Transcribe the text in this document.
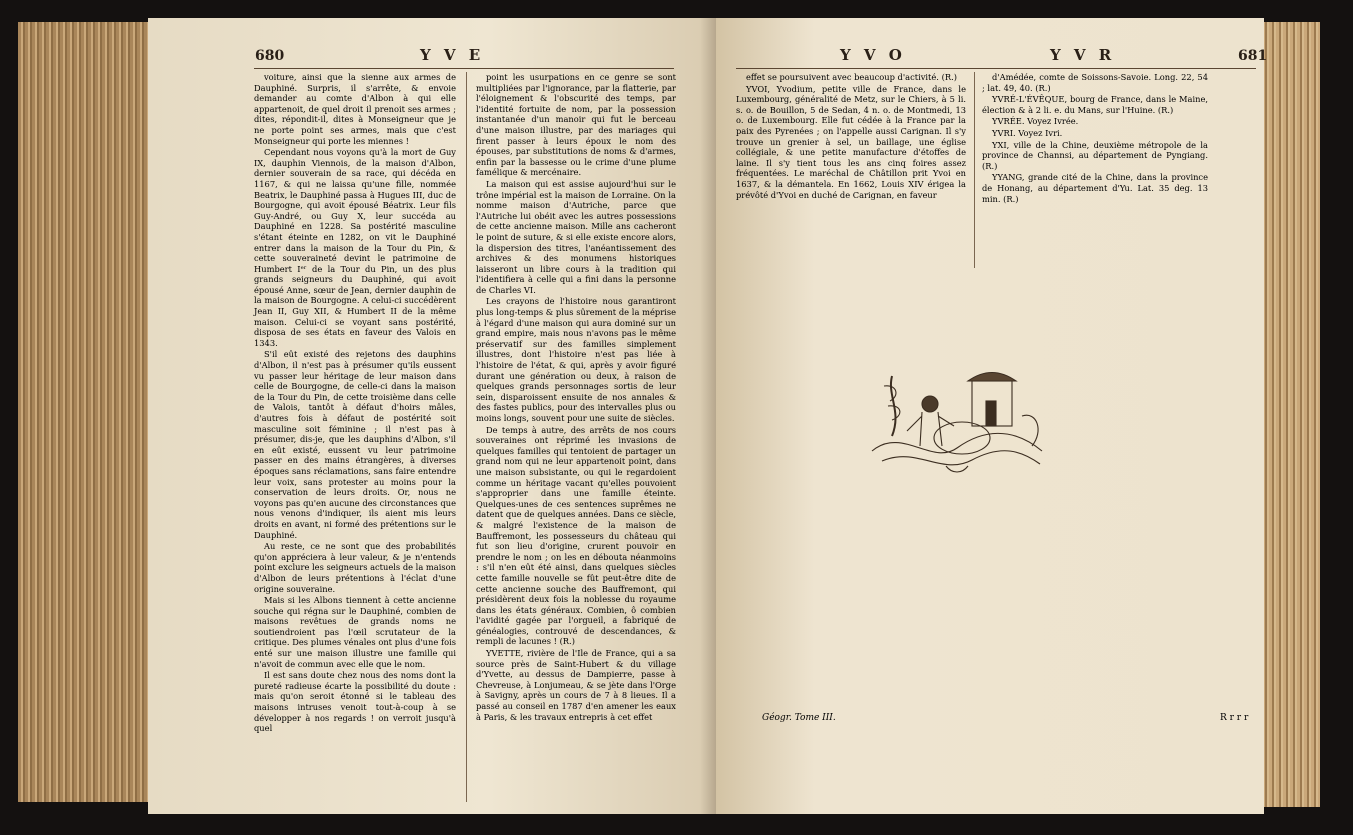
680	Y V E

voiture, ainsi que la sienne aux armes de Dauphiné. Surpris, il s'arrête, & envoie demander au comte d'Albon à qui elle appartenoit, de quel droit il prenoit ses armes ; dites, répondit-il, dites à Monseigneur que je ne porte point ses armes, mais que c'est Monseigneur qui porte les miennes !

Cependant nous voyons qu'à la mort de Guy IX, dauphin Viennois, de la maison d'Albon, dernier souverain de sa race, qui décéda en 1167, & qui ne laissa qu'une fille, nommée Beatrix, le Dauphiné passa à Hugues III, duc de Bourgogne, qui avoit épousé Béatrix. Leur fils Guy-André, ou Guy X, leur succéda au Dauphiné en 1228. Sa postérité masculine s'étant éteinte en 1282, on vit le Dauphiné entrer dans la maison de la Tour du Pin, & cette souveraineté devint le patrimoine de Humbert Iᵉʳ de la Tour du Pin, un des plus grands seigneurs du Dauphiné, qui avoit épousé Anne, sœur de Jean, dernier dauphin de la maison de Bourgogne. A celui-ci succédèrent Jean II, Guy XII, & Humbert II de la même maison. Celui-ci se voyant sans postérité, disposa de ses états en faveur des Valois en 1343.

S'il eût existé des rejetons des dauphins d'Albon, il n'est pas à présumer qu'ils eussent vu passer leur héritage de leur maison dans celle de Bourgogne, de celle-ci dans la maison de la Tour du Pin, de cette troisième dans celle de Valois, tantôt à défaut d'hoirs mâles, d'autres fois à défaut de postérité soit masculine soit féminine ; il n'est pas à présumer, dis-je, que les dauphins d'Albon, s'il en eût existé, eussent vu leur patrimoine passer en des mains étrangères, à diverses époques sans réclamations, sans faire entendre leur voix, sans protester au moins pour la conservation de leurs droits. Or, nous ne voyons pas qu'en aucune des circonstances que nous venons d'indiquer, ils aient mis leurs droits en avant, ni formé des prétentions sur le Dauphiné.

Au reste, ce ne sont que des probabilités qu'on appréciera à leur valeur, & je n'entends point exclure les seigneurs actuels de la maison d'Albon de leurs prétentions à l'éclat d'une origine souveraine.

Mais si les Albons tiennent à cette ancienne souche qui régna sur le Dauphiné, combien de maisons revêtues de grands noms ne soutiendroient pas l'œil scrutateur de la critique. Des plumes vénales ont plus d'une fois enté sur une maison illustre une famille qui n'avoit de commun avec elle que le nom.

Il est sans doute chez nous des noms dont la pureté radieuse écarte la possibilité du doute : mais qu'on seroit étonné si le tableau des maisons intruses venoit tout-à-coup à se développer à nos regards ! on verroit jusqu'à quel

point les usurpations en ce genre se sont multipliées par l'ignorance, par la flatterie, par l'éloignement & l'obscurité des temps, par l'identité fortuite de nom, par la possession instantanée d'un manoir qui fut le berceau d'une maison illustre, par des mariages qui firent passer à leurs époux le nom des épouses, par substitutions de noms & d'armes, enfin par la bassesse ou le crime d'une plume famélique & mercénaire.

La maison qui est assise aujourd'hui sur le trône impérial est la maison de Lorraine. On la nomme maison d'Autriche, parce que l'Autriche lui obéit avec les autres possessions de cette ancienne maison. Mille ans cacheront le point de suture, & si elle existe encore alors, la dispersion des titres, l'anéantissement des archives & des monumens historiques laisseront un libre cours à la tradition qui l'identifiera à celle qui a fini dans la personne de Charles VI.

Les crayons de l'histoire nous garantiront plus long-temps & plus sûrement de la méprise à l'égard d'une maison qui aura dominé sur un grand empire, mais nous n'avons pas le même préservatif sur des familles simplement illustres, dont l'histoire n'est pas liée à l'histoire de l'état, & qui, après y avoir figuré durant une génération ou deux, à raison de quelques grands personnages sortis de leur sein, disparoissent ensuite de nos annales & des fastes publics, pour des intervalles plus ou moins longs, souvent pour une suite de siècles.

De temps à autre, des arrêts de nos cours souveraines ont réprimé les invasions de quelques familles qui tentoient de partager un grand nom qui ne leur appartenoit point, dans une maison subsistante, ou qui le regardoient comme un héritage vacant qu'elles pouvoient s'approprier dans une famille éteinte. Quelques-unes de ces sentences suprêmes ne datent que de quelques années. Dans ce siècle, & malgré l'existence de la maison de Bauffremont, les possesseurs du château qui fut son lieu d'origine, crurent pouvoir en prendre le nom ; on les en débouta néanmoins : s'il n'en eût été ainsi, dans quelques siècles cette famille nouvelle se fût peut-être dite de cette ancienne souche des Bauffremont, qui présidèrent deux fois la noblesse du royaume dans les états généraux. Combien, ô combien l'avidité gagée par l'orgueil, a fabriqué de généalogies, controuvé de descendances, & rempli de lacunes ! (R.)

YVETTE, rivière de l'Ile de France, qui a sa source près de Saint-Hubert & du village d'Yvette, au dessus de Dampierre, passe à Chevreuse, à Lonjumeau, & se jète dans l'Orge à Savigny, après un cours de 7 à 8 lieues. Il a passé au conseil en 1787 d'en amener les eaux à Paris, & les travaux entrepris à cet effet

Y V O	Y V R	681

effet se poursuivent avec beaucoup d'activité. (R.)

YVOI, Yvodium, petite ville de France, dans le Luxembourg, généralité de Metz, sur le Chiers, à 5 li. s. o. de Bouillon, 5 de Sedan, 4 n. o. de Montmedi, 13 o. de Luxembourg. Elle fut cédée à la France par la paix des Pyrenées ; on l'appelle aussi Carignan. Il s'y trouve un grenier à sel, un baillage, une église collégiale, & une petite manufacture d'étoffes de laine. Il s'y tient tous les ans cinq foires assez fréquentées. Le maréchal de Châtillon prit Yvoi en 1637, & la démantela. En 1662, Louis XIV érigea la prévôté d'Yvoi en duché de Carignan, en faveur

d'Amédée, comte de Soissons-Savoie. Long. 22, 54 ; lat. 49, 40. (R.)

YVRÉ-L'ÉVÊQUE, bourg de France, dans le Maine, élection & à 2 li. e. du Mans, sur l'Huine. (R.)

YVRÉE. Voyez Ivrée.

YVRI. Voyez Ivri.

YXI, ville de la Chine, deuxième métropole de la province de Channsi, au département de Pyngiang. (R.)

YYANG, grande cité de la Chine, dans la province de Honang, au département d'Yu. Lat. 35 deg. 13 min. (R.)

Géogr. Tome III.	R r r r
